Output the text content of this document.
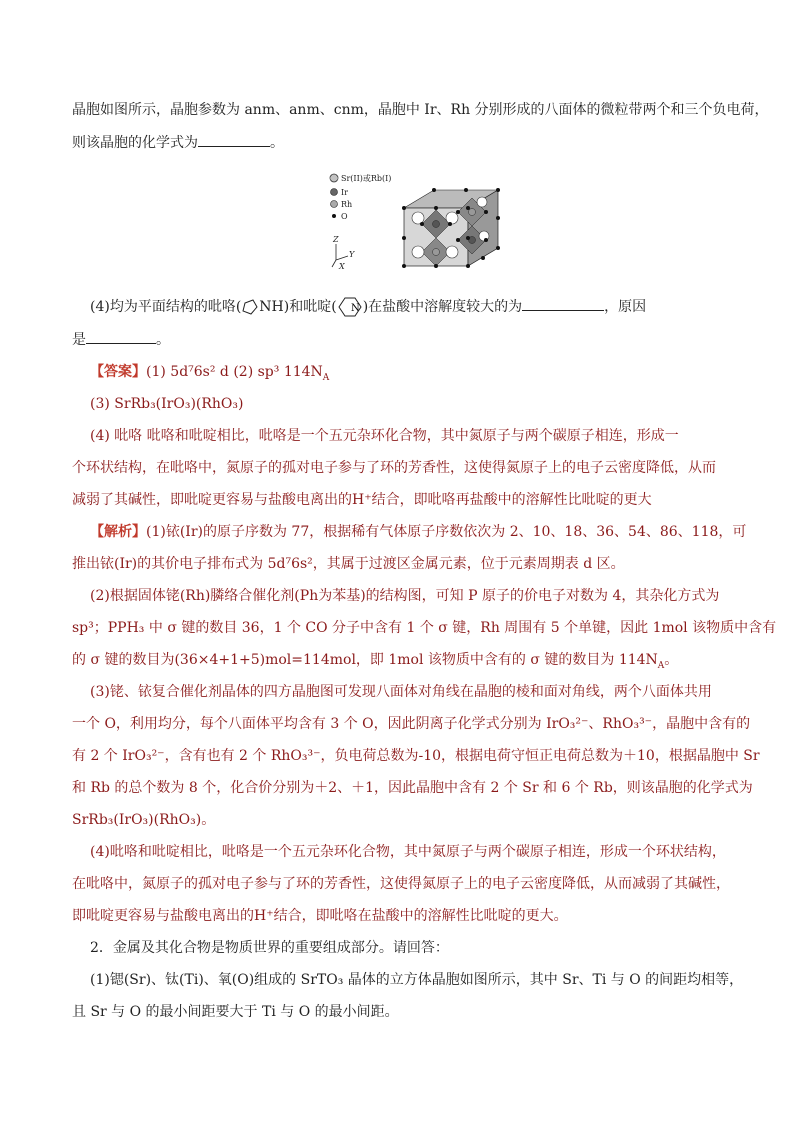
晶胞如图所示，晶胞参数为 anm、anm、cnm，晶胞中 Ir、Rh 分别形成的八面体的微粒带两个和三个负电荷，
则该晶胞的化学式为	。
Sr(II)或Rb(I)
Ir
Rh
O
Z
Y
X
(4)均为平面结构的吡咯( NH)和吡啶( N )在盐酸中溶解度较大的为	，原因
是	。
【答案】(1) 5d⁷6s² d (2) sp³ $114N_A$
(3) SrRb₃(IrO₃)(RhO₃)
(4) 吡咯 吡咯和吡啶相比，吡咯是一个五元杂环化合物，其中氮原子与两个碳原子相连，形成一
个环状结构，在吡咯中，氮原子的孤对电子参与了环的芳香性，这使得氮原子上的电子云密度降低，从而
减弱了其碱性，即吡啶更容易与盐酸电离出的H⁺结合，即吡咯再盐酸中的溶解性比吡啶的更大
【解析】(1)铱(Ir)的原子序数为 77，根据稀有气体原子序数依次为 2、10、18、36、54、86、118，可
推出铱(Ir)的其价电子排布式为 5d⁷6s²，其属于过渡区金属元素，位于元素周期表 d 区。
(2)根据固体铑(Rh)膦络合催化剂(Ph为苯基)的结构图，可知 P 原子的价电子对数为 4，其杂化方式为
sp³；PPH₃ 中 σ 键的数目 36，1 个 CO 分子中含有 1 个 σ 键，Rh 周围有 5 个单键，因此 1mol 该物质中含有
的 σ 键的数目为(36×4+1+5)mol=114mol，即 1mol 该物质中含有的 σ 键的数目为 $114N_A$。
(3)铑、铱复合催化剂晶体的四方晶胞图可发现八面体对角线在晶胞的棱和面对角线，两个八面体共用
一个 O，利用均分，每个八面体平均含有 3 个 O，因此阴离子化学式分别为 IrO₃²⁻、RhO₃³⁻，晶胞中含有的
有 2 个 IrO₃²⁻，含有也有 2 个 RhO₃³⁻，负电荷总数为-10，根据电荷守恒正电荷总数为＋10，根据晶胞中 Sr
和 Rb 的总个数为 8 个，化合价分别为＋2、＋1，因此晶胞中含有 2 个 Sr 和 6 个 Rb，则该晶胞的化学式为
SrRb₃(IrO₃)(RhO₃)。
(4)吡咯和吡啶相比，吡咯是一个五元杂环化合物，其中氮原子与两个碳原子相连，形成一个环状结构，
在吡咯中，氮原子的孤对电子参与了环的芳香性，这使得氮原子上的电子云密度降低，从而减弱了其碱性，
即吡啶更容易与盐酸电离出的H⁺结合，即吡咯在盐酸中的溶解性比吡啶的更大。
2．金属及其化合物是物质世界的重要组成部分。请回答：
(1)锶(Sr)、钛(Ti)、氧(O)组成的 SrTO₃ 晶体的立方体晶胞如图所示，其中 Sr、Ti 与 O 的间距均相等，
且 Sr 与 O 的最小间距要大于 Ti 与 O 的最小间距。
